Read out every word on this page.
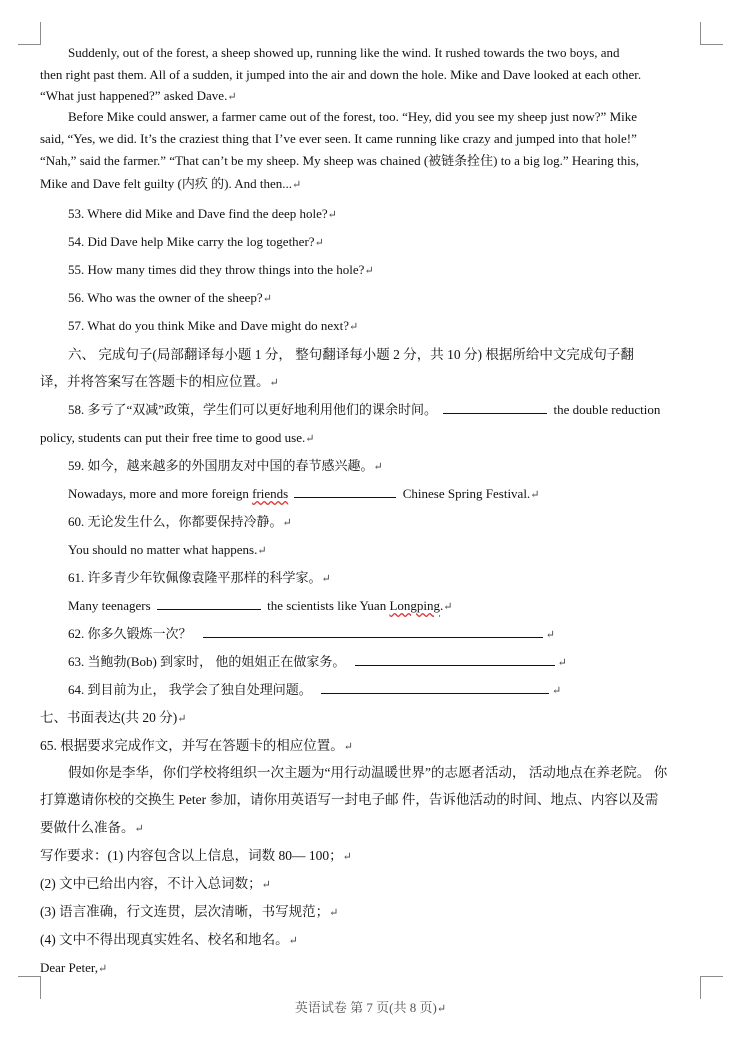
Suddenly, out of the forest, a sheep showed up, running like the wind. It rushed towards the two boys, and
then right past them. All of a sudden, it jumped into the air and down the hole. Mike and Dave looked at each other.
“What just happened?” asked Dave.↵
Before Mike could answer, a farmer came out of the forest, too. “Hey, did you see my sheep just now?” Mike
said, “Yes, we did. It’s the craziest thing that I’ve ever seen. It came running like crazy and jumped into that hole!”
“Nah,” said the farmer.” “That can’t be my sheep. My sheep was chained (被链条拴住) to a big log.” Hearing this,
Mike and Dave felt guilty (内疚 的). And then...↵
53. Where did Mike and Dave find the deep hole?↵
54. Did Dave help Mike carry the log together?↵
55. How many times did they throw things into the hole?↵
56. Who was the owner of the sheep?↵
57. What do you think Mike and Dave might do next?↵
六、 完成句子(局部翻译每小题 1 分， 整句翻译每小题 2 分，共 10 分) 根据所给中文完成句子翻
译，并将答案写在答题卡的相应位置。↵
58. 多亏了“双减”政策，学生们可以更好地利用他们的课余时间。	the double reduction
policy, students can put their free time to good use.↵
59. 如今，越来越多的外国朋友对中国的春节感兴趣。↵
Nowadays, more and more foreign friends	Chinese Spring Festival.↵
60. 无论发生什么，你都要保持冷静。↵
You should no matter what happens.↵
61. 许多青少年钦佩像袁隆平那样的科学家。↵
Many teenagers	the scientists like Yuan Longping.↵
62. 你多久锻炼一次？	↵
63. 当鲍勃(Bob) 到家时， 他的姐姐正在做家务。	↵
64. 到目前为止， 我学会了独自处理问题。	↵
七、书面表达(共 20 分)↵
65. 根据要求完成作文，并写在答题卡的相应位置。↵
假如你是李华，你们学校将组织一次主题为“用行动温暖世界”的志愿者活动， 活动地点在养老院。 你
打算邀请你校的交换生 Peter 参加，请你用英语写一封电子邮 件，告诉他活动的时间、地点、内容以及需
要做什么准备。↵
写作要求：(1) 内容包含以上信息，词数 80— 100；↵
(2) 文中已给出内容，不计入总词数；↵
(3) 语言准确，行文连贯，层次清晰，书写规范；↵
(4) 文中不得出现真实姓名、校名和地名。↵
Dear Peter,↵
英语试卷 第 7 页(共 8 页)↵
